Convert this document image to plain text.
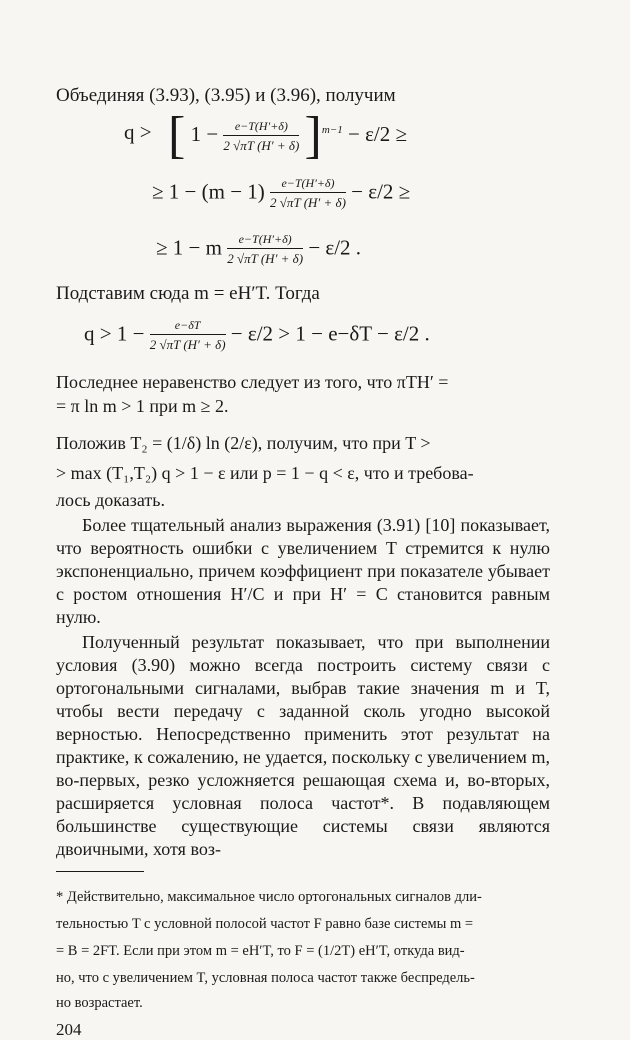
Объединяя (3.93), (3.95) и (3.96), получим
q > [ $1 - \frac{e-T(H'+\delta)}{2 √\pi T (H' + \delta)} ]^{m-1} - \varepsilon/2$ ≥
≥ $1 - (m - 1) \frac{e-T(H'+\delta)}{2 √\pi T (H' + \delta)} - \varepsilon/2$ ≥
≥ 1 − m $\frac{e-T(H'+\delta)}{2 √\pi T (H' + \delta)} - \varepsilon/2$ .
Подставим сюда m = eH′T. Тогда
$q > 1 - \frac{e-\delta T}{2 √\pi T (H' + \delta)} - \varepsilon/2 > 1 - e-\delta T - \varepsilon/2$ .
Последнее неравенство следует из того, что πTH′ =
= π ln m > 1 при m ≥ 2.
Положив T₂ = (1/δ) ln (2/ε), получим, что при T >
> max (T₁,T₂) q > 1 − ε или p = 1 − q < ε, что и требова-
лось доказать.

Более тщательный анализ выражения (3.91) [10] показывает, что вероятность ошибки с увеличением T стремится к нулю экспоненциально, причем коэффициент при показателе убывает с ростом отношения H′/C и при H′ = C становится равным нулю.

Полученный результат показывает, что при выполнении условия (3.90) можно всегда построить систему связи с ортогональными сигналами, выбрав такие значения m и T, чтобы вести передачу с заданной сколь угодно высокой верностью. Непосредственно применить этот результат на практике, к сожалению, не удается, поскольку с увеличением m, во-первых, резко усложняется решающая схема и, во-вторых, расширяется условная полоса частот*. В подавляющем большинстве существующие системы связи являются двоичными, хотя воз-

* Действительно, максимальное число ортогональных сигналов дли-
тельностью T с условной полосой частот F равно базе системы m =
= B = 2FT. Если при этом m = eH′T, то F = (1/2T) eH′T, откуда вид-
но, что с увеличением T, условная полоса частот также беспредель-
но возрастает.
204
